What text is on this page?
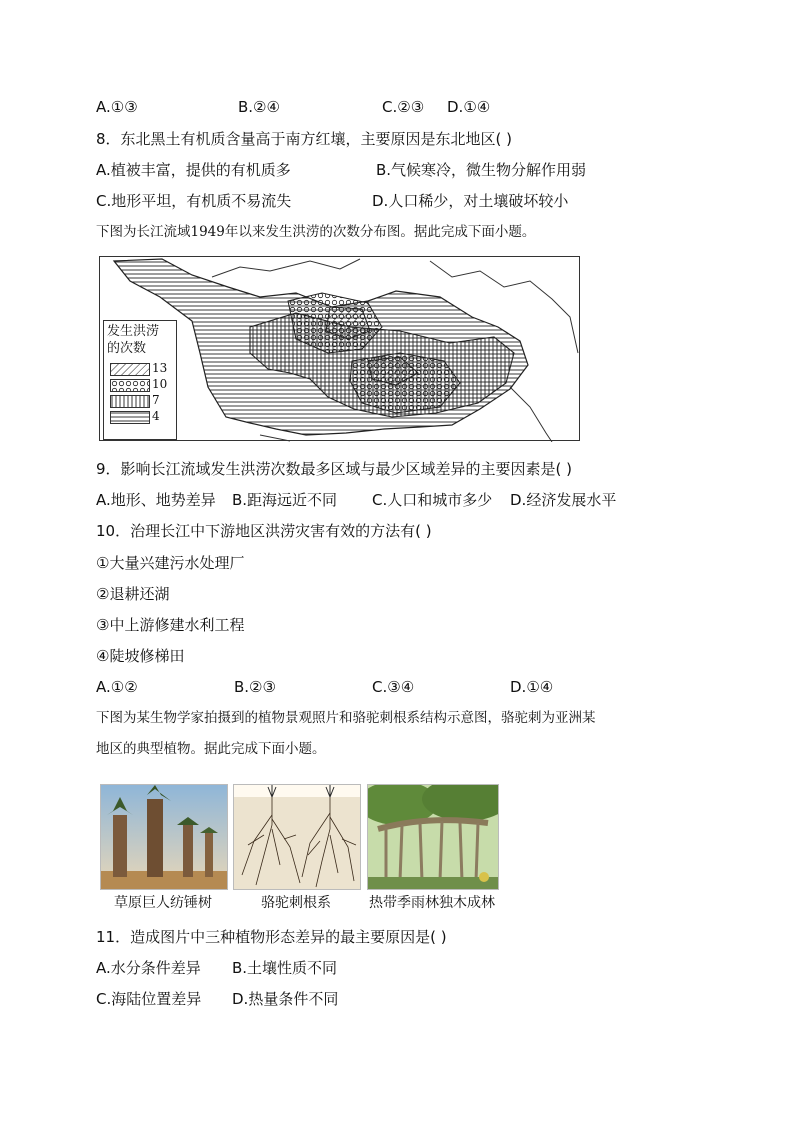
A.①③	B.②④	C.②③ D.①④
8．东北黑土有机质含量高于南方红壤，主要原因是东北地区( )
A.植被丰富，提供的有机质多	B.气候寒冷，微生物分解作用弱
C.地形平坦，有机质不易流失	D.人口稀少，对土壤破坏较小
下图为长江流域1949年以来发生洪涝的次数分布图。据此完成下面小题。
发生洪涝
的次数
13
10
7
4
9．影响长江流域发生洪涝次数最多区域与最少区域差异的主要因素是( )
A.地形、地势差异 B.距海远近不同 C.人口和城市多少 D.经济发展水平
10．治理长江中下游地区洪涝灾害有效的方法有( )
①大量兴建污水处理厂
②退耕还湖
③中上游修建水利工程
④陡坡修梯田
A.①②	B.②③	C.③④	D.①④
下图为某生物学家拍摄到的植物景观照片和骆驼刺根系结构示意图，骆驼刺为亚洲某
地区的典型植物。据此完成下面小题。
草原巨人纺锤树	骆驼刺根系	热带季雨林独木成林
11．造成图片中三种植物形态差异的最主要原因是( )
A.水分条件差异 B.土壤性质不同
C.海陆位置差异 D.热量条件不同
